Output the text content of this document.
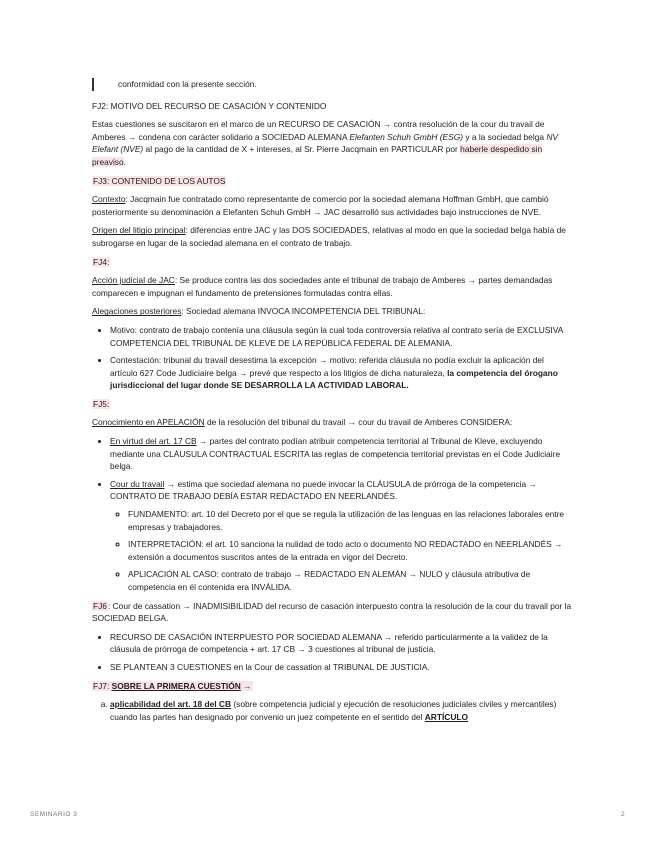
conformidad con la presente sección.

FJ2: MOTIVO DEL RECURSO DE CASACIÓN Y CONTENIDO

Estas cuestiones se suscitaron en el marco de un RECURSO DE CASACIÓN → contra resolución de la cour du travail de Amberes → condena con carácter solidario a SOCIEDAD ALEMANA Elefanten Schuh GmbH (ESG) y a la sociedad belga NV Elefant (NVE) al pago de la cantidad de X + intereses, al Sr. Pierre Jacqmain en PARTICULAR por haberle despedido sin preaviso.

FJ3: CONTENIDO DE LOS AUTOS

Contexto: Jacqmain fue contratado como representante de comercio por la sociedad alemana Hoffman GmbH, que cambió posteriormente su denominación a Elefanten Schuh GmbH → JAC desarrolló sus actividades bajo instrucciones de NVE.

Origen del litigio principal: diferencias entre JAC y las DOS SOCIEDADES, relativas al modo en que la sociedad belga había de subrogarse en lugar de la sociedad alemana en el contrato de trabajo.

FJ4:

Acción judicial de JAC: Se produce contra las dos sociedades ante el tribunal de trabajo de Amberes → partes demandadas comparecen e impugnan el fundamento de pretensiones formuladas contra ellas.

Alegaciones posteriores: Sociedad alemana INVOCA INCOMPETENCIA DEL TRIBUNAL:

• Motivo: contrato de trabajo contenía una cláusula según la cual toda controversia relativa al contrato sería de EXCLUSIVA COMPETENCIA DEL TRIBUNAL DE KLEVE DE LA REPÚBLICA FEDERAL DE ALEMANIA.
• Contestación: tribunal du travail desestima la excepción → motivo: referida cláusula no podía excluir la aplicación del artículo 627 Code Judiciaire belga → prevé que respecto a los litigios de dicha naturaleza, la competencia del órogano jurisdiccional del lugar donde SE DESARROLLA LA ACTIVIDAD LABORAL.

FJ5:

Conocimiento en APELACIÓN de la resolución del tribunal du travail → cour du travail de Amberes CONSIDERA:

• En virtud del art. 17 CB → partes del contrato podían atribuir competencia territorial al Tribunal de Kleve, excluyendo mediante una CLÁUSULA CONTRACTUAL ESCRITA las reglas de competencia territorial previstas en el Code Judiciaire belga.
• Cour du travail → estima que sociedad alemana no puede invocar la CLÁUSULA de prórroga de la competencia → CONTRATO DE TRABAJO DEBÍA ESTAR REDACTADO EN NEERLANDÉS.
◦ FUNDAMENTO: art. 10 del Decreto por el que se regula la utilización de las lenguas en las relaciones laborales entre empresas y trabajadores.
◦ INTERPRETACIÓN: el art. 10 sanciona la nulidad de todo acto o documento NO REDACTADO en NEERLANDÉS → extensión a documentos suscritos antes de la entrada en vigor del Decreto.
◦ APLICACIÓN AL CASO: contrato de trabajo → REDACTADO EN ALEMÁN → NULO y cláusula atributiva de competencia en él contenida era INVÁLIDA.

FJ6: Cour de cassation → INADMISIBILIDAD del recurso de casación interpuesto contra la resolución de la cour du travail por la SOCIEDAD BELGA.

• RECURSO DE CASACIÓN INTERPUESTO POR SOCIEDAD ALEMANA → referido particularmente a la validez de la cláusula de prórroga de competencia + art. 17 CB → 3 cuestiones al tribunal de justicia.
• SE PLANTEAN 3 CUESTIONES en la Cour de cassation al TRIBUNAL DE JUSTICIA.

FJ7: SOBRE LA PRIMERA CUESTIÓN →

a. aplicabilidad del art. 18 del CB (sobre competencia judicial y ejecución de resoluciones judiciales civiles y mercantiles) cuando las partes han designado por convenio un juez competente en el sentido del ARTÍCULO
SEMINARIO 3	2
